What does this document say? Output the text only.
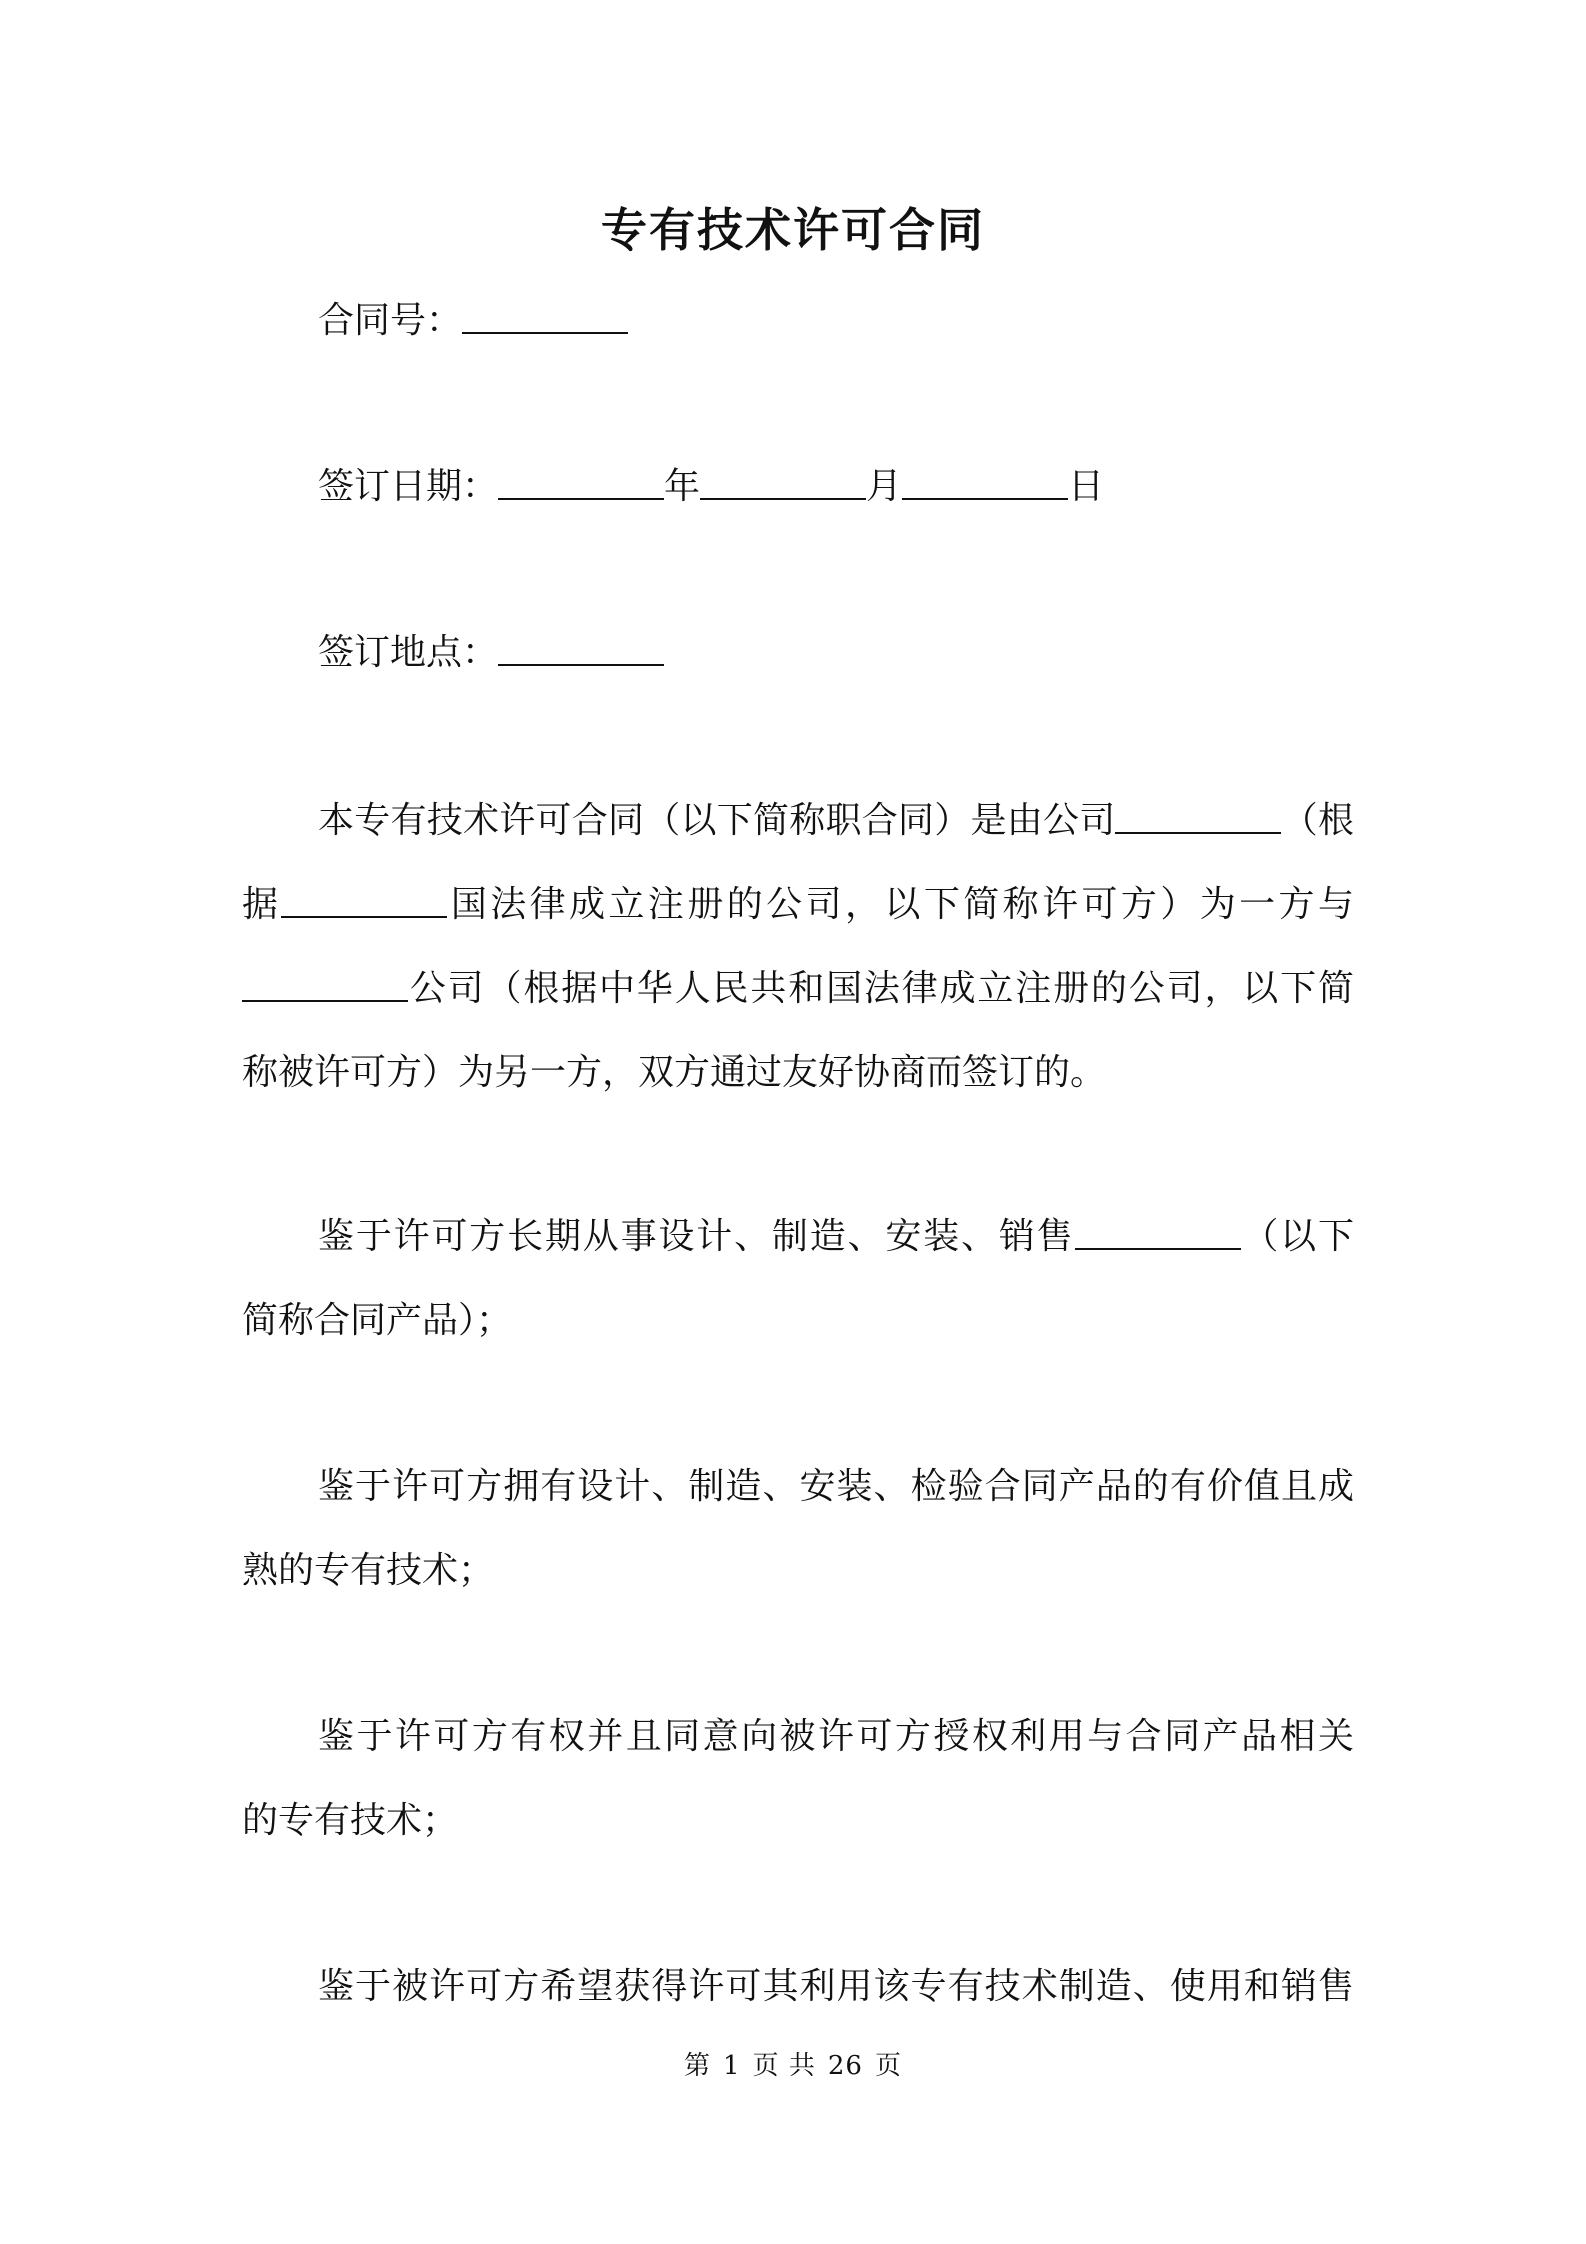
专有技术许可合同
合同号：
签订日期：	年	月	日
签订地点：
本专有技术许可合同（以下简称职合同）是由公司	（根
据	国法律成立注册的公司，以下简称许可方）为一方与
公司（根据中华人民共和国法律成立注册的公司，以下简
称被许可方）为另一方，双方通过友好协商而签订的。
鉴于许可方长期从事设计、制造、安装、销售	（以下
简称合同产品）；
鉴于许可方拥有设计、制造、安装、检验合同产品的有价值且成
熟的专有技术；
鉴于许可方有权并且同意向被许可方授权利用与合同产品相关
的专有技术；
鉴于被许可方希望获得许可其利用该专有技术制造、使用和销售
第 1 页 共 26 页
